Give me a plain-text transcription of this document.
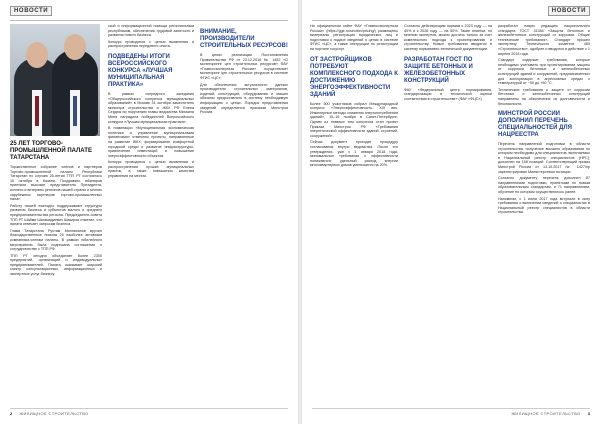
НОВОСТИ
25 ЛЕТ ТОРГОВО-ПРОМЫШЛЕННОЙ ПАЛАТЕ ТАТАРСТАНА

Торжественное собрание членов и партнеров Торгово-промышленной палаты Республики Татарстан по случаю 25-летия ТПП РТ состоялось 16 октября в Казани. Поздравить юбиляров приехали высокие представители Президента, коллеги и ветераны регионов нашей страны и многих зарубежных партнеров торгово-промышленных палат.

Работу нашей ежегодно поддерживают структуры развития бизнеса и субъектов малого и среднего предпринимательства региона. Председатель совета ТПП РТ Шайми Шагамадиевич Шакиров отметил, что палата отвечает запросам бизнеса.

Глава Татарстана Рустам Минниханов вручил благодарственные письма 25 наиболее активным компаниям-членам палаты. В рамках юбилейного мероприятия была подписана соглашения о сотрудничестве с ТПП РФ.

ТПП РТ сегодня объединяет более 2300 предприятий, организаций и индивидуальных предпринимателей. Палата оказывает широкий спектр консультационных, информационных и экспертных услуг бизнесу.

ской и информационной помощи региональным республикам, обеспечения трудовой занятости и развития нового бизнеса.

Конкурс проводится с целью выявления и распространения передового опыта.

ПОДВЕДЕНЫ ИТОГИ ВСЕРОССИЙСКОГО КОНКУРСА «ЛУЧШАЯ МУНИЦИПАЛЬНАЯ ПРАКТИКА»

В рамках очередного заседания «Общероссийского конгресса муниципальных образований» в Москве 31 октября заместитель министра строительства и ЖКХ РФ Елена Сердюк по поручению главы ведомства Михаила Меня наградила победителей Всероссийского конкурса «Лучшая муниципальная практика».

В номинации «Муниципальная экономическая политика и управление муниципальными финансами» отмечены проекты, направленные на развитие ЖКХ, формирование комфортной городской среды и развитие инфраструктуры, привлечение инвестиций и повышение энергоэффективности объектов.

Конкурс проводится с целью выявления и распространения лучших муниципальных практик, а также повышения качества управления на местах.

ВНИМАНИЕ, ПРОИЗВОДИТЕЛИ СТРОИТЕЛЬНЫХ РЕСУРСОВ!

В целях реализации Постановления Правительства РФ от 23.12.2016 № 1452 «О мониторинге цен строительных ресурсов» ФАУ «Главгосэкспертиза России» осуществляет мониторинг цен строительных ресурсов в системе ФГИС «ЦС».

Для обеспечения актуальности данных производители строительных материалов, изделий, конструкций, оборудования и машин обязаны предоставлять в систему необходимую информацию о ценах. Порядок представления сведений определяется приказом Минстроя России.

2 ЖИЛИЩНОЕ СТРОИТЕЛЬСТВО
НОВОСТИ

На официальном сайте ФАУ «Главгосэкспертиза России» (https://gge.ru/section/pricing/) размещены материалы регистрации юридических лиц и подготовки к подаче сведений о ценах в системе ФГИС «ЦС», а также инструкции по регистрации на портале госуслуг.

ОТ ЗАСТРОЙЩИКОВ ПОТРЕБУЮТ КОМПЛЕКСНОГО ПОДХОДА К ДОСТИЖЕНИЮ ЭНЕРГОЭФФЕКТИВНОСТИ ЗДАНИЙ

Более 500 участников собрал Международный конгресс «Энергоэффективность. XXI век. Инженерные методы снижения энергопотребления зданий», 15–16 ноября в Санкт-Петербурге. Одним из главных тем конгресса стал проект Приказа Минстроя РФ «Требования энергетической эффективности зданий, строений, сооружений».

Сейчас документ проходит процедуру согласования внутри ведомства. После его утверждения, уже с 1 января 2018 года, минимальные требования к эффективности понижаются: удельный расход энергии многоквартирных домов уменьшится на 20%.

Согласно действующим нормам к 2023 году — на 40% и к 2028 году — на 50%. Такие отметки, по мнению экспертов, можно достичь только за счет комплексного подхода к проектированию и строительству. Новые требования вводятся в систему нормативно-технической документации.

РАЗРАБОТАН ГОСТ ПО ЗАЩИТЕ БЕТОННЫХ И ЖЕЛЕЗОБЕТОННЫХ КОНСТРУКЦИЙ

ФАУ «Федеральный центр нормирования, стандартизации и технической оценки соответствия в строительстве» (ФАУ «ФЦС»)

разработал новую редакцию национального стандарта ГОСТ 31384 «Защита бетонных и железобетонных конструкций от коррозии. Общие технические требования». Стандарт прошел экспертизу Технического комитета 465 «Строительство», одобрен и вводится в действие с 1 апреля 2018 года.

Стандарт содержит требования, которые необходимо учитывать при проектировании защиты от коррозии бетонных и железобетонных конструкций зданий и сооружений, предназначенных для эксплуатации в агрессивных средах с температурой от −50 до +50 °С.

Технические требования к защите от коррозии бетонных и железобетонных конструкций направлены на обеспечение их долговечности и безопасности.

МИНСТРОЙ РОССИИ ДОПОЛНИЛ ПЕРЕЧЕНЬ СПЕЦИАЛЬНОСТЕЙ ДЛЯ НАЦРЕЕСТРА

Перечень направлений подготовки в области строительства, получение высшего образования по которым необходимо для специалистов, включаемых в Национальный реестр специалистов (НРС), дополнен на 158 позиций. Соответствующий приказ Минстрой России от 13.10.2017 № 1427/пр зарегистрирован Министерством юстиции.

Согласно документу перечень дополнен 87 направлениями подготовки, принятыми по новым образовательным стандартам, и 71 направлением, обучение по которым осуществлялось ранее.

Напомним, с 1 июля 2017 года вступили в силу требования о включении сведений о специалистах в Национальный реестр специалистов в области строительства.

ЖИЛИЩНОЕ СТРОИТЕЛЬСТВО 3
